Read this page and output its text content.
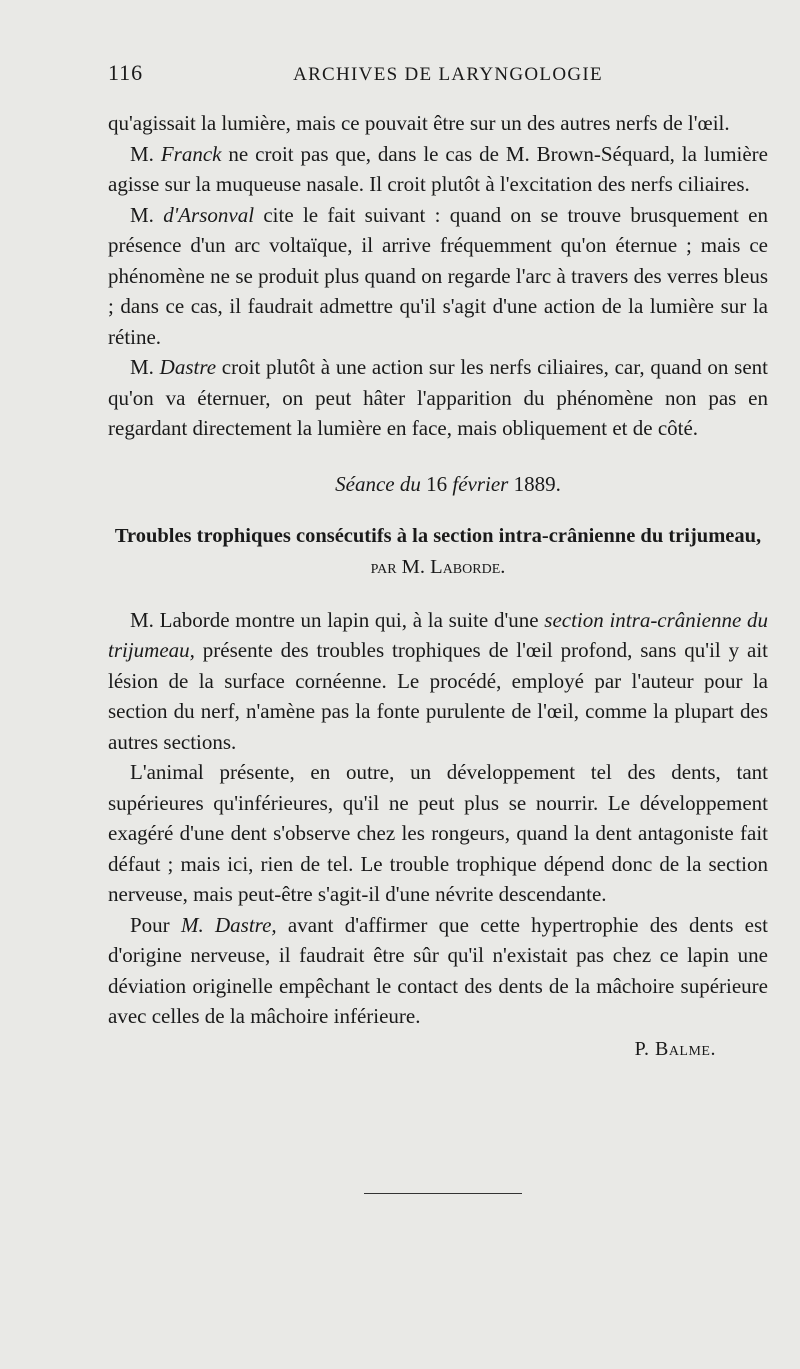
116	ARCHIVES DE LARYNGOLOGIE

qu'agissait la lumière, mais ce pouvait être sur un des autres nerfs de l'œil.

M. Franck ne croit pas que, dans le cas de M. Brown-Séquard, la lumière agisse sur la muqueuse nasale. Il croit plutôt à l'excitation des nerfs ciliaires.

M. d'Arsonval cite le fait suivant : quand on se trouve brusquement en présence d'un arc voltaïque, il arrive fréquemment qu'on éternue ; mais ce phénomène ne se produit plus quand on regarde l'arc à travers des verres bleus ; dans ce cas, il faudrait admettre qu'il s'agit d'une action de la lumière sur la rétine.

M. Dastre croit plutôt à une action sur les nerfs ciliaires, car, quand on sent qu'on va éternuer, on peut hâter l'apparition du phénomène non pas en regardant directement la lumière en face, mais obliquement et de côté.

Séance du 16 février 1889.
Troubles trophiques consécutifs à la section intra-crânienne du trijumeau, par M. Laborde.

M. Laborde montre un lapin qui, à la suite d'une section intra-crânienne du trijumeau, présente des troubles trophiques de l'œil profond, sans qu'il y ait lésion de la surface cornéenne. Le procédé, employé par l'auteur pour la section du nerf, n'amène pas la fonte purulente de l'œil, comme la plupart des autres sections.

L'animal présente, en outre, un développement tel des dents, tant supérieures qu'inférieures, qu'il ne peut plus se nourrir. Le développement exagéré d'une dent s'observe chez les rongeurs, quand la dent antagoniste fait défaut ; mais ici, rien de tel. Le trouble trophique dépend donc de la section nerveuse, mais peut-être s'agit-il d'une névrite descendante.

Pour M. Dastre, avant d'affirmer que cette hypertrophie des dents est d'origine nerveuse, il faudrait être sûr qu'il n'existait pas chez ce lapin une déviation originelle empêchant le contact des dents de la mâchoire supérieure avec celles de la mâchoire inférieure.

P. Balme.
